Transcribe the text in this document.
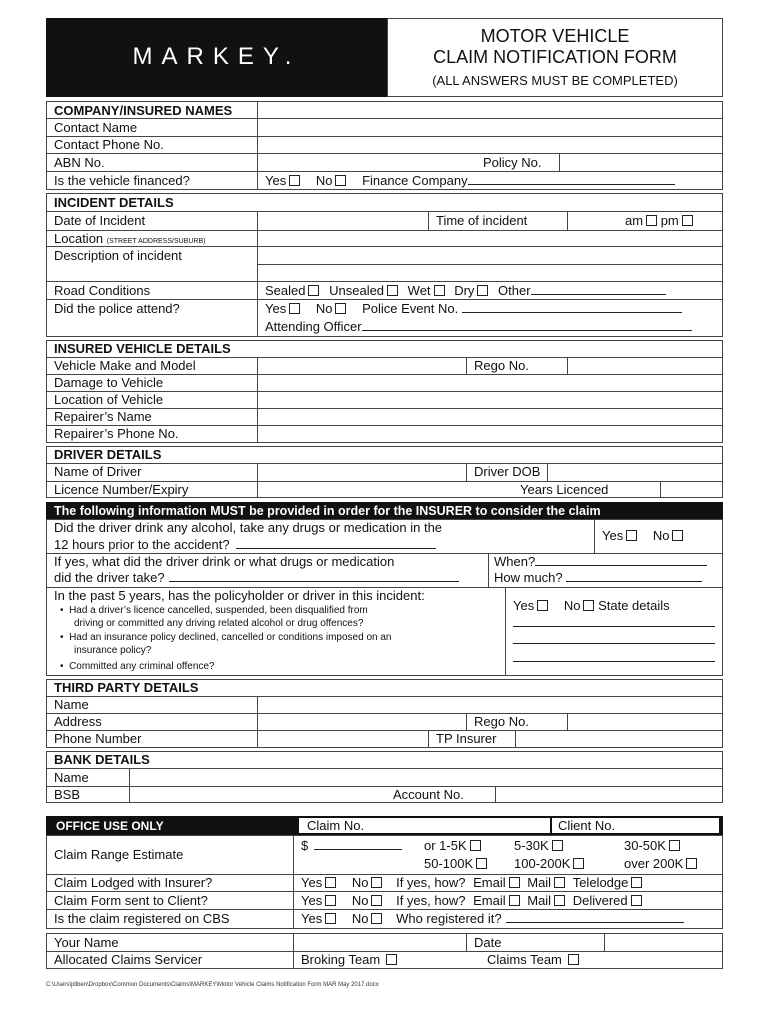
MARKEY.
MOTOR VEHICLE
CLAIM NOTIFICATION FORM
(ALL ANSWERS MUST BE COMPLETED)
COMPANY/INSURED NAMES
Contact Name
Contact Phone No.
ABN No.	Policy No.
Is the vehicle financed?	Yes No Finance Company
INCIDENT DETAILS
Date of Incident	Time of incident	am pm
Location (STREET ADDRESS/SUBURB)
Description of incident
Road Conditions	Sealed Unsealed Wet Dry Other
Did the police attend?	Yes No Police Event No.
Attending Officer
INSURED VEHICLE DETAILS
Vehicle Make and Model	Rego No.
Damage to Vehicle
Location of Vehicle
Repairer’s Name
Repairer’s Phone No.
DRIVER DETAILS
Name of Driver	Driver DOB
Licence Number/Expiry	Years Licenced
The following information MUST be provided in order for the INSURER to consider the claim
Did the driver drink any alcohol, take any drugs or medication in the
12 hours prior to the accident?
Yes No
If yes, what did the driver drink or what drugs or medication
did the driver take?
When?
How much?
In the past 5 years, has the policyholder or driver in this incident:
•  Had a driver’s licence cancelled, suspended, been disqualified from
driving or committed any driving related alcohol or drug offences?
•  Had an insurance policy declined, cancelled or conditions imposed on an
insurance policy?
•  Committed any criminal offence?
Yes No State details
THIRD PARTY DETAILS
Name
Address	Rego No.
Phone Number	TP Insurer
BANK DETAILS
Name
BSB	Account No.
OFFICE USE ONLY	Claim No.	Client No.
Claim Range Estimate
$	or 1-5K	5-30K	30-50K
50-100K	100-200K	over 200K
Claim Lodged with Insurer?	Yes No If yes, how? Email Mail Telelodge
Claim Form sent to Client?	Yes No If yes, how? Email Mail Delivered
Is the claim registered on CBS	Yes No Who registered it?
Your Name	Date
Allocated Claims Servicer	Broking Team	Claims Team
C:\Users\jdiben\Dropbox\Common Documents\Claims\MARKEY\Motor Vehicle Claims Notification Form MAR May 2017.docx
